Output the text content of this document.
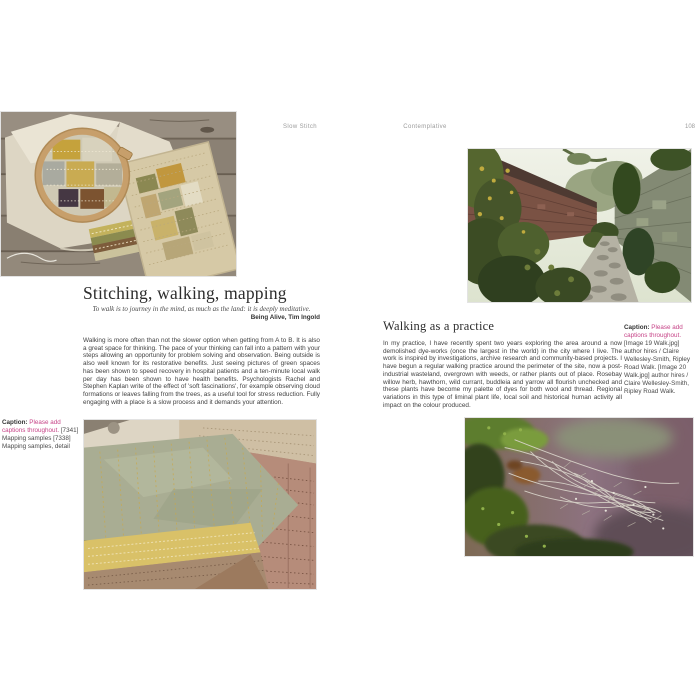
Slow Stitch	Contemplative	108
Stitching, walking, mapping
To walk is to journey in the mind, as much as the land: it is deeply meditative.
Being Alive, Tim Ingold
Walking is more often than not the slower option when getting from A to B. It is also a great space for thinking. The pace of your thinking can fall into a pattern with your steps allowing an opportunity for problem solving and observation. Being outside is also well known for its restorative benefits. Just seeing pictures of green spaces has been shown to speed recovery in hospital patients and a ten-minute local walk per day has been shown to have health benefits. Psychologists Rachel and Stephen Kaplan write of the effect of 'soft fascinations', for example observing cloud formations or leaves falling from the trees, as a useful tool for stress reduction. Fully engaging with a place is a slow process and it demands your attention.
Caption: Please add captions throughout. [7341] Mapping samples [7338] Mapping samples, detail
Walking as a practice
In my practice, I have recently spent two years exploring the area around a now demolished dye-works (once the largest in the world) in the city where I live. The work is inspired by investigations, archive research and community-based projects. I have begun a regular walking practice around the perimeter of the site, now a post-industrial wasteland, overgrown with weeds, or rather plants out of place. Rosebay willow herb, hawthorn, wild currant, buddleia and yarrow all flourish unchecked and these plants have become my palette of dyes for both wool and thread. Regional variations in this type of liminal plant life, local soil and historical human activity all impact on the colour produced.
Caption: Please add captions throughout. [Image 19 Walk.jpg] author hires / Claire Wellesley-Smith, Ripley Road Walk. [Image 20 Walk.jpg] author hires / Claire Wellesley-Smith, Ripley Road Walk.
